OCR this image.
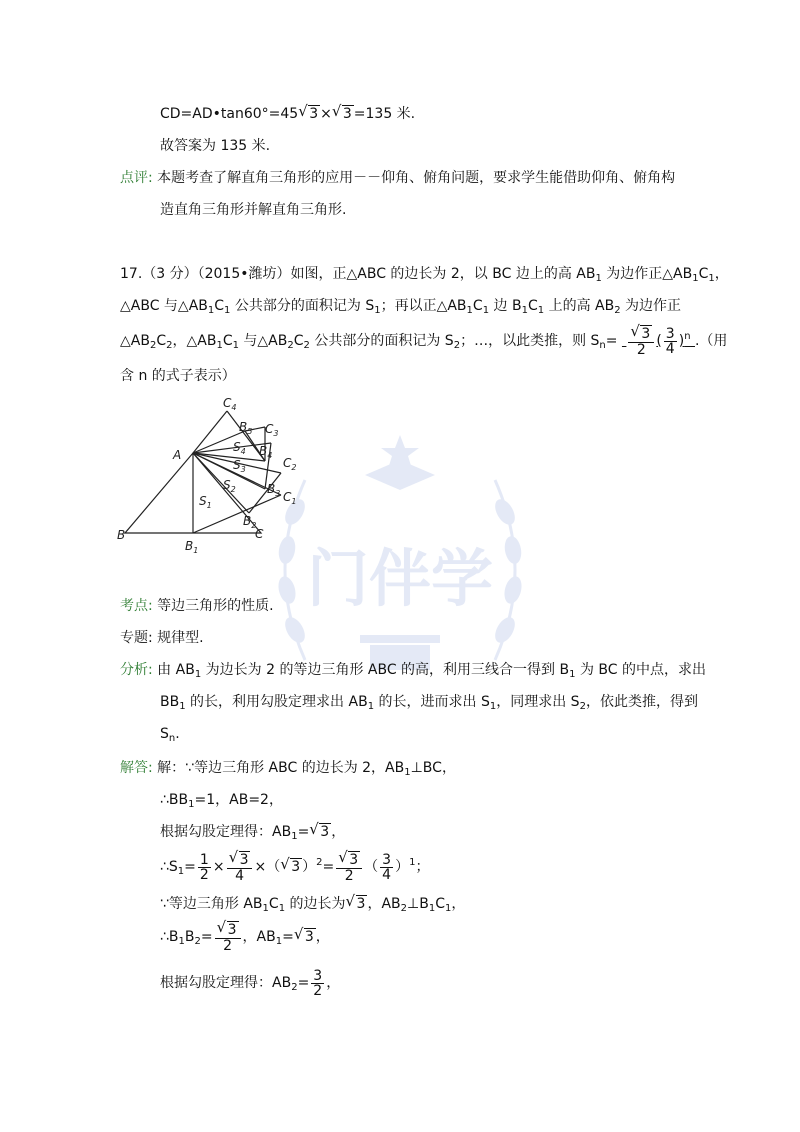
门伴学
CD=AD•tan60°=45√ 3 ×√ 3 =135 米.
故答案为 135 米.
点评: 本题考查了解直角三角形的应用－－仰角、俯角问题，要求学生能借助仰角、俯角构
造直角三角形并解直角三角形.
17.（3 分）（2015•潍坊）如图，正△ABC 的边长为 2，以 BC 边上的高 $AB_1$ 为边作正$\triangle AB_1C_1$，
△ABC 与$\triangle AB_1C_1$ 公共部分的面积记为 $S_1$；再以正$\triangle AB_1C_1$ 边 $B_1C_1$ 上的高 $AB_2$ 为边作正
$\triangle AB_2C_2$，$\triangle AB_1C_1$ 与$\triangle AB_2C_2$ 公共部分的面积记为 $S_2$；…，以此类推，则 $S_n=$
√ $\frac{3}{2}$ ( $\frac{3}{4} )^n$ .（用
含 n 的式子表示）
A
B	C
$B_1$
$B_2$
$B_3$
$B_4$
$B_5$
$C_1$
$C_2$
$C_3$
$C_4$
$S_1$
$S_2$
$S_3$
$S_4$
考点: 等边三角形的性质.
专题: 规律型.
分析: 由 $AB_1$ 为边长为 2 的等边三角形 ABC 的高，利用三线合一得到 $B_1$ 为 BC 的中点，求出
$BB_1$ 的长，利用勾股定理求出 $AB_1$ 的长，进而求出 $S_1$，同理求出 $S_2$，依此类推，得到
$S_n$.
解答: 解：∵等边三角形 ABC 的边长为 2，$AB_1\perp BC$，
$\therefore BB_1=1$，AB=2，
根据勾股定理得：$AB_1=√$ 3 ，
$\therefore S_1= \frac{1}{2}$ ×
√ $\frac{3}{4}$ ×（√ 3 ）$^2$=
√ $\frac{3}{2}$ （ $\frac{3}{4} )^1$；
∵等边三角形 $AB_1C_1$ 的边长为√ 3 ，$AB_2\perp B_1C_1$，
$\therefore B_1B_2=$
√ $\frac{3}{2}$ ，$AB_1=√$ 3 ，
根据勾股定理得：$AB_2= \frac{3}{2}$ ，
